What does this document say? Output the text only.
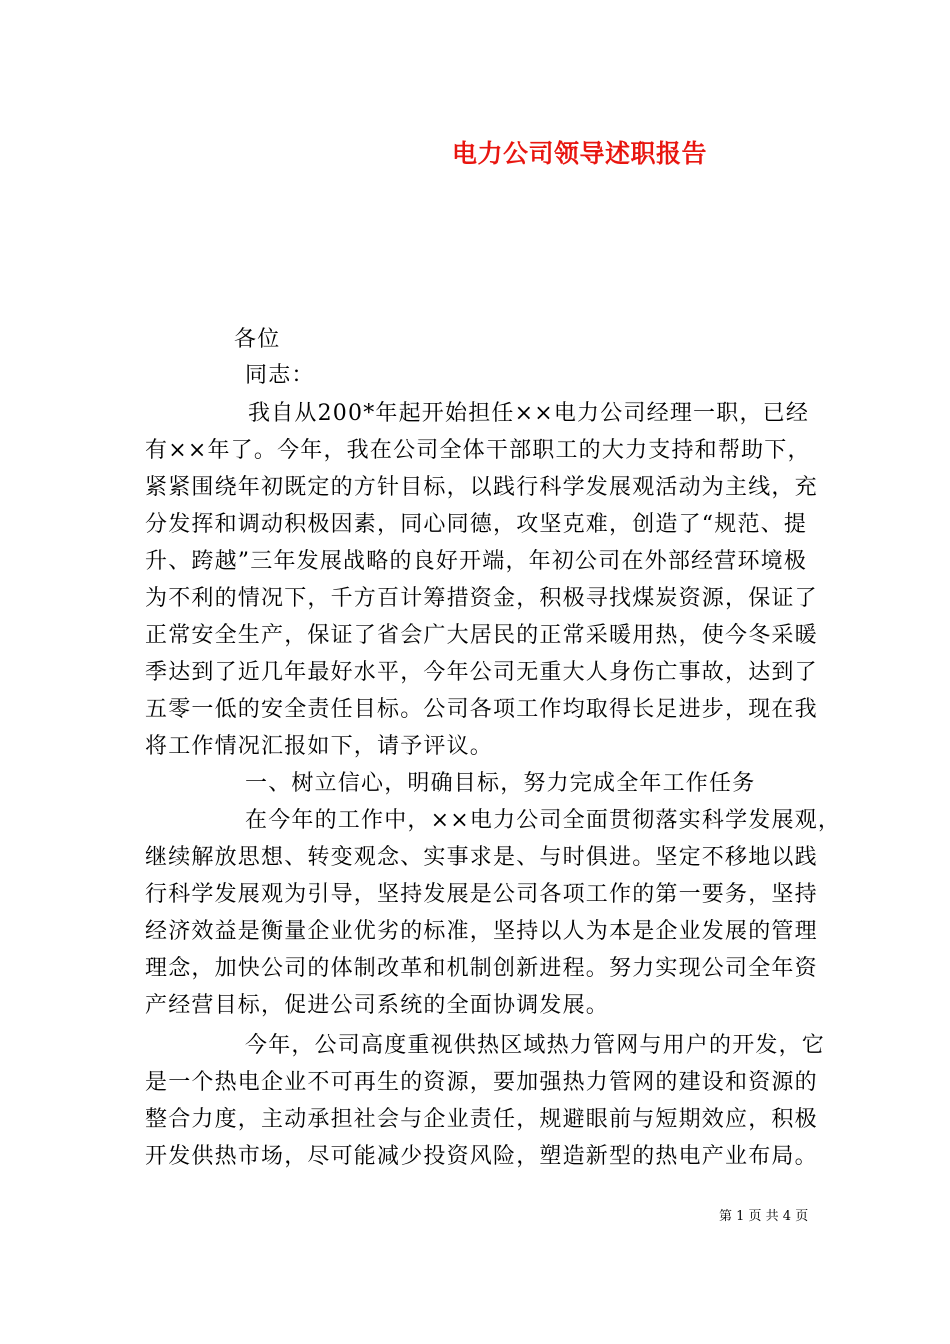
电力公司领导述职报告
各位
同志：
我自从200*年起开始担任××电力公司经理一职，已经
有××年了。今年，我在公司全体干部职工的大力支持和帮助下，
紧紧围绕年初既定的方针目标，以践行科学发展观活动为主线，充
分发挥和调动积极因素，同心同德，攻坚克难，创造了“规范、提
升、跨越”三年发展战略的良好开端，年初公司在外部经营环境极
为不利的情况下，千方百计筹措资金，积极寻找煤炭资源，保证了
正常安全生产，保证了省会广大居民的正常采暖用热，使今冬采暖
季达到了近几年最好水平，今年公司无重大人身伤亡事故，达到了
五零一低的安全责任目标。公司各项工作均取得长足进步，现在我
将工作情况汇报如下，请予评议。
一、树立信心，明确目标，努力完成全年工作任务
在今年的工作中，××电力公司全面贯彻落实科学发展观，
继续解放思想、转变观念、实事求是、与时俱进。坚定不移地以践
行科学发展观为引导，坚持发展是公司各项工作的第一要务，坚持
经济效益是衡量企业优劣的标准，坚持以人为本是企业发展的管理
理念，加快公司的体制改革和机制创新进程。努力实现公司全年资
产经营目标，促进公司系统的全面协调发展。
今年，公司高度重视供热区域热力管网与用户的开发，它
是一个热电企业不可再生的资源，要加强热力管网的建设和资源的
整合力度，主动承担社会与企业责任，规避眼前与短期效应，积极
开发供热市场，尽可能减少投资风险，塑造新型的热电产业布局。
第 1 页 共 4 页
